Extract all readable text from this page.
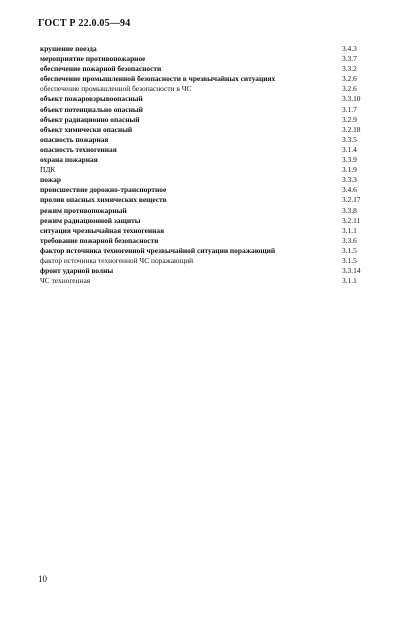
ГОСТ Р 22.0.05—94
крушение поезда	3.4.3
мероприятие противопожарное	3.3.7
обеспечение пожарной безопасности	3.3.2
обеспечение промышленной безопасности в чрезвычайных ситуациях	3.2.6
обеспечение промышленной безопасности в ЧС	3.2.6
объект пожаровзрывоопасный	3.3.10
объект потенциально опасный	3.1.7
объект радиационно опасный	3.2.9
объект химически опасный	3.2.18
опасность пожарная	3.3.5
опасность техногенная	3.1.4
охрана пожарная	3.3.9
ПДК	3.1.9
пожар	3.3.3
происшествие дорожно-транспортное	3.4.6
пролив опасных химических веществ	3.2.17
режим противопожарный	3.3.8
режим радиационной защиты	3.2.11
ситуация чрезвычайная техногенная	3.1.1
требование пожарной безопасности	3.3.6
фактор источника техногенной чрезвычайной ситуации поражающий	3.1.5
фактор источника техногенной ЧС поражающий	3.1.5
фронт ударной волны	3.3.14
ЧС техногенная	3.1.1
10
